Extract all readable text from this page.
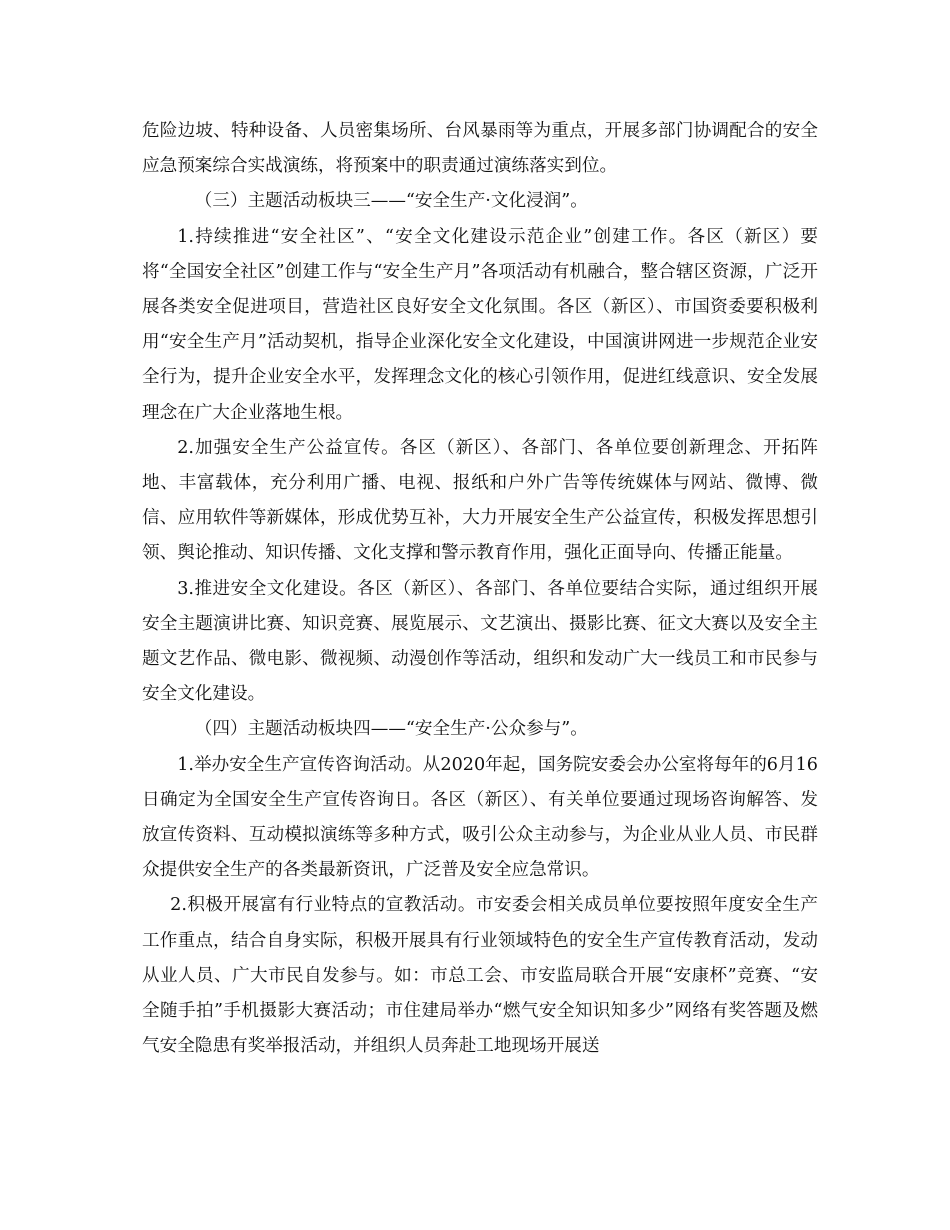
危险边坡、特种设备、人员密集场所、台风暴雨等为重点，开展多部门协调配合的安全应急预案综合实战演练，将预案中的职责通过演练落实到位。

（三）主题活动板块三——“安全生产·文化浸润”。

1.持续推进“安全社区”、“安全文化建设示范企业”创建工作。各区（新区）要将“全国安全社区”创建工作与“安全生产月”各项活动有机融合，整合辖区资源，广泛开展各类安全促进项目，营造社区良好安全文化氛围。各区（新区）、市国资委要积极利用“安全生产月”活动契机，指导企业深化安全文化建设，中国演讲网进一步规范企业安全行为，提升企业安全水平，发挥理念文化的核心引领作用，促进红线意识、安全发展理念在广大企业落地生根。

2.加强安全生产公益宣传。各区（新区）、各部门、各单位要创新理念、开拓阵地、丰富载体，充分利用广播、电视、报纸和户外广告等传统媒体与网站、微博、微信、应用软件等新媒体，形成优势互补，大力开展安全生产公益宣传，积极发挥思想引领、舆论推动、知识传播、文化支撑和警示教育作用，强化正面导向、传播正能量。

3.推进安全文化建设。各区（新区）、各部门、各单位要结合实际，通过组织开展安全主题演讲比赛、知识竞赛、展览展示、文艺演出、摄影比赛、征文大赛以及安全主题文艺作品、微电影、微视频、动漫创作等活动，组织和发动广大一线员工和市民参与安全文化建设。

（四）主题活动板块四——“安全生产·公众参与”。

1.举办安全生产宣传咨询活动。从2020年起，国务院安委会办公室将每年的6月16日确定为全国安全生产宣传咨询日。各区（新区）、有关单位要通过现场咨询解答、发放宣传资料、互动模拟演练等多种方式，吸引公众主动参与，为企业从业人员、市民群众提供安全生产的各类最新资讯，广泛普及安全应急常识。

2.积极开展富有行业特点的宣教活动。市安委会相关成员单位要按照年度安全生产工作重点，结合自身实际，积极开展具有行业领域特色的安全生产宣传教育活动，发动从业人员、广大市民自发参与。如：市总工会、市安监局联合开展“安康杯”竞赛、“安全随手拍”手机摄影大赛活动；市住建局举办“燃气安全知识知多少”网络有奖答题及燃气安全隐患有奖举报活动，并组织人员奔赴工地现场开展送
